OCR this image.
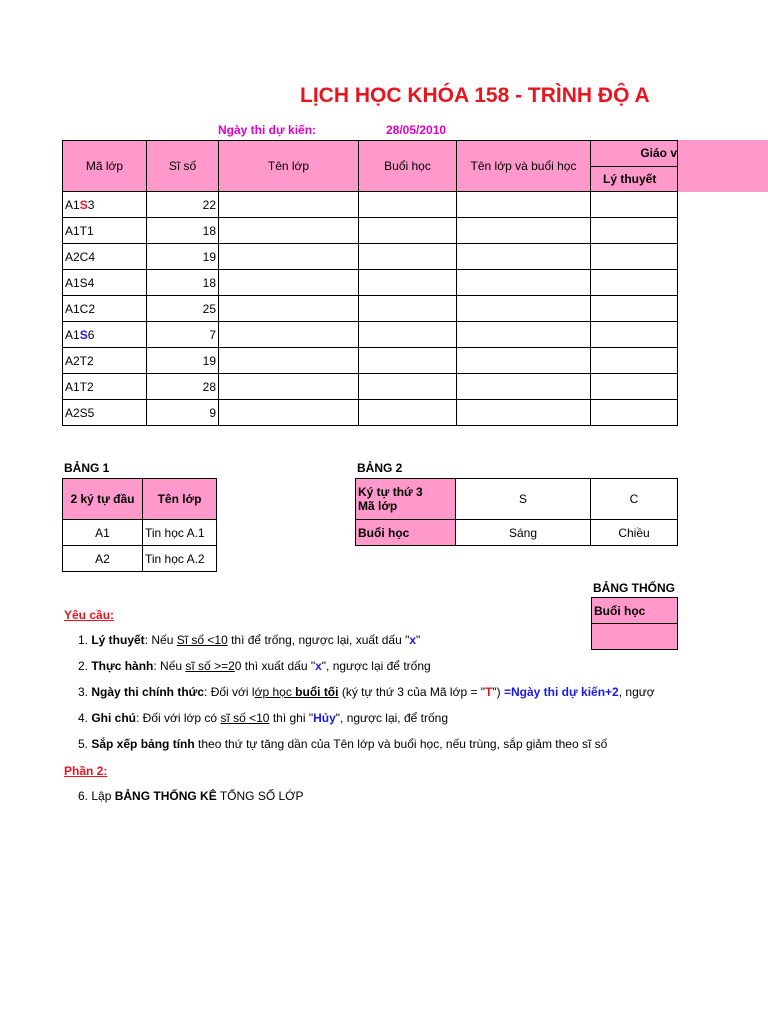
LỊCH HỌC KHÓA 158 - TRÌNH ĐỘ A
Ngày thi dự kiến:	28/05/2010
Mã lớp	Sĩ số	Tên lớp	Buổi học	Tên lớp và buổi học	Giáo v
					Lý thuyết
A1S3	22				
A1T1	18				
A2C4	19				
A1S4	18				
A1C2	25				
A1S6	7				
A2T2	19				
A1T2	28				
A2S5	9				
BẢNG 1
2 ký tự đầu	Tên lớp
A1	Tin học A.1
A2	Tin học A.2
BẢNG 2
Ký tự thứ 3
Mã lớp	S	C
Buổi học	Sáng	Chiều
BẢNG THỐNG
Buổi học

Yêu cầu:
1. Lý thuyết: Nếu Sĩ số <10 thì để trống, ngược lại, xuất dấu "x"
2. Thực hành: Nếu sĩ số >=20 thì xuất dấu "x", ngược lại để trống
3. Ngày thi chính thức: Đối với lớp học buổi tối (ký tự thứ 3 của Mã lớp = "T") =Ngày thi dự kiến+2, ngượ
4. Ghi chú: Đối với lớp có sĩ số <10 thì ghi "Hủy", ngược lại, để trống
5. Sắp xếp bảng tính theo thứ tự tăng dần của Tên lớp và buổi học, nếu trùng, sắp giảm theo sĩ số
Phần 2:
6. Lập BẢNG THỐNG KÊ TỔNG SỐ LỚP
